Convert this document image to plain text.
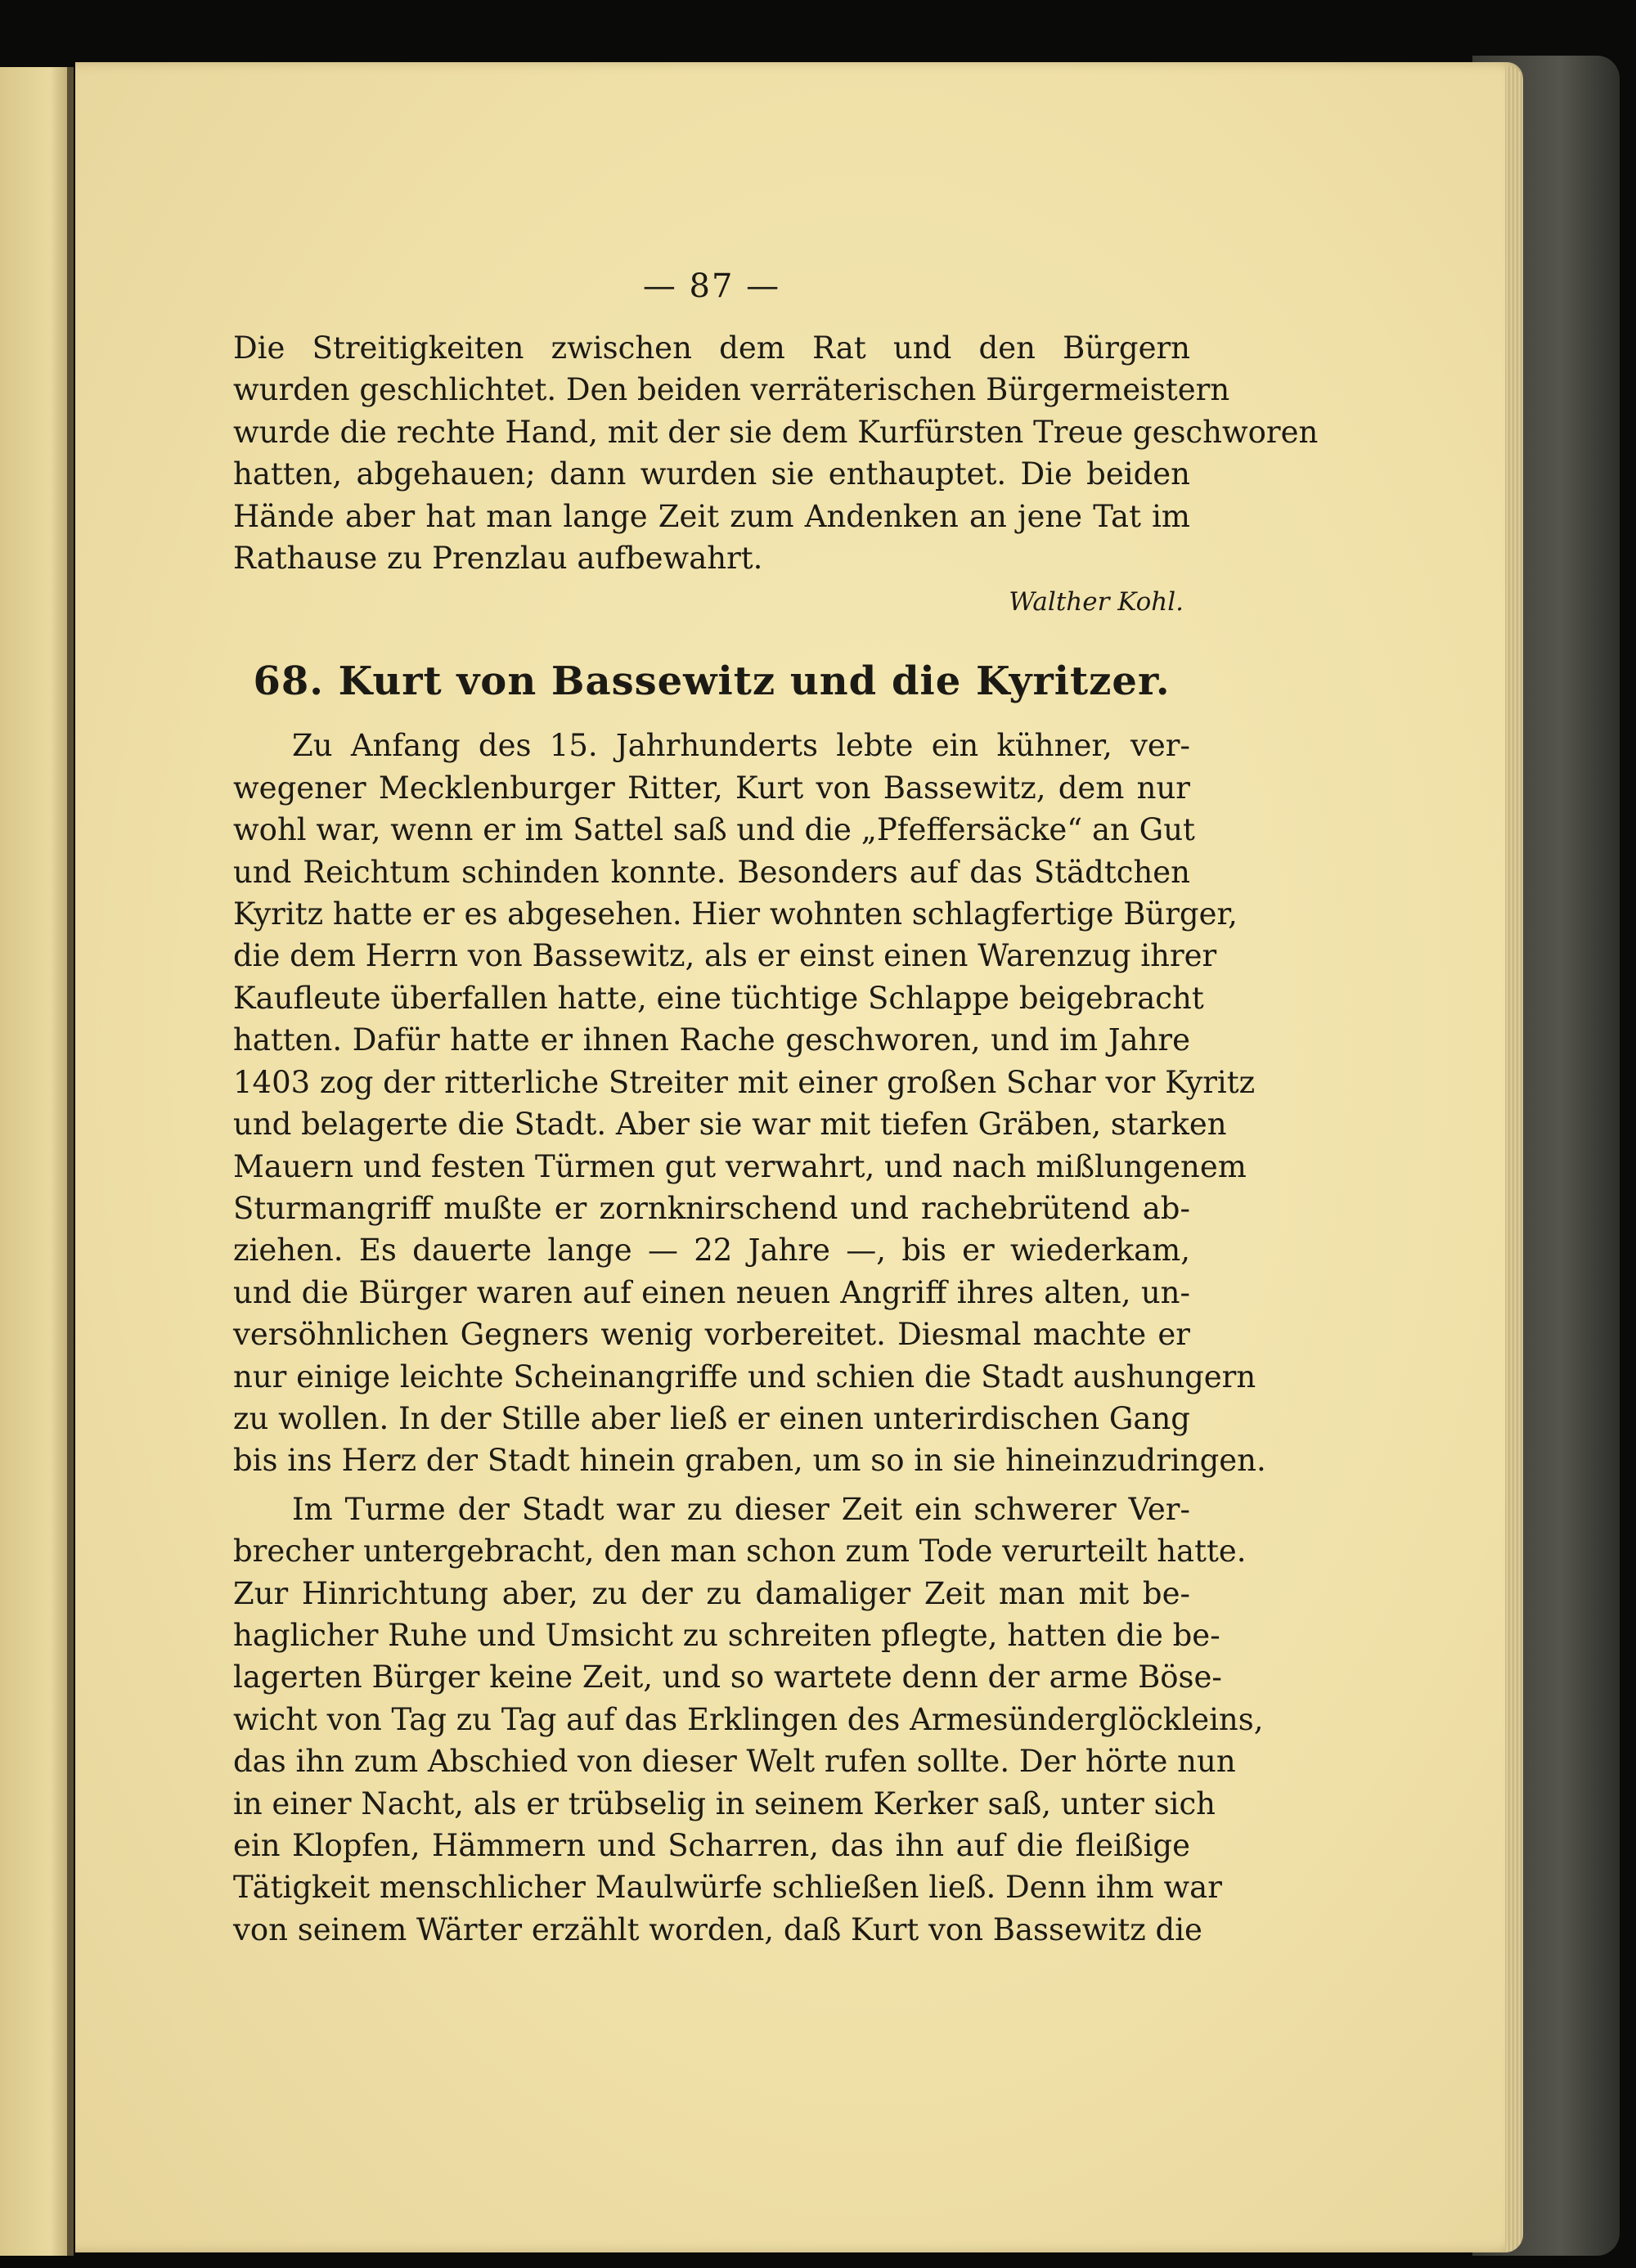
— 87 —

Die Streitigkeiten zwischen dem Rat und den Bürgern

wurden geschlichtet. Den beiden verräterischen Bürgermeistern

wurde die rechte Hand, mit der sie dem Kurfürsten Treue geschworen

hatten, abgehauen; dann wurden sie enthauptet. Die beiden

Hände aber hat man lange Zeit zum Andenken an jene Tat im

Rathause zu Prenzlau aufbewahrt.

Walther Kohl.
68. Kurt von Bassewitz und die Kyritzer.

Zu Anfang des 15. Jahrhunderts lebte ein kühner, ver-

wegener Mecklenburger Ritter, Kurt von Bassewitz, dem nur

wohl war, wenn er im Sattel saß und die „Pfeffersäcke“ an Gut

und Reichtum schinden konnte. Besonders auf das Städtchen

Kyritz hatte er es abgesehen. Hier wohnten schlagfertige Bürger,

die dem Herrn von Bassewitz, als er einst einen Warenzug ihrer

Kaufleute überfallen hatte, eine tüchtige Schlappe beigebracht

hatten. Dafür hatte er ihnen Rache geschworen, und im Jahre

1403 zog der ritterliche Streiter mit einer großen Schar vor Kyritz

und belagerte die Stadt. Aber sie war mit tiefen Gräben, starken

Mauern und festen Türmen gut verwahrt, und nach mißlungenem

Sturmangriff mußte er zornknirschend und rachebrütend ab-

ziehen. Es dauerte lange — 22 Jahre —, bis er wiederkam,

und die Bürger waren auf einen neuen Angriff ihres alten, un-

versöhnlichen Gegners wenig vorbereitet. Diesmal machte er

nur einige leichte Scheinangriffe und schien die Stadt aushungern

zu wollen. In der Stille aber ließ er einen unterirdischen Gang

bis ins Herz der Stadt hinein graben, um so in sie hineinzudringen.

Im Turme der Stadt war zu dieser Zeit ein schwerer Ver-

brecher untergebracht, den man schon zum Tode verurteilt hatte.

Zur Hinrichtung aber, zu der zu damaliger Zeit man mit be-

haglicher Ruhe und Umsicht zu schreiten pflegte, hatten die be-

lagerten Bürger keine Zeit, und so wartete denn der arme Böse-

wicht von Tag zu Tag auf das Erklingen des Armesünderglöckleins,

das ihn zum Abschied von dieser Welt rufen sollte. Der hörte nun

in einer Nacht, als er trübselig in seinem Kerker saß, unter sich

ein Klopfen, Hämmern und Scharren, das ihn auf die fleißige

Tätigkeit menschlicher Maulwürfe schließen ließ. Denn ihm war

von seinem Wärter erzählt worden, daß Kurt von Bassewitz die
